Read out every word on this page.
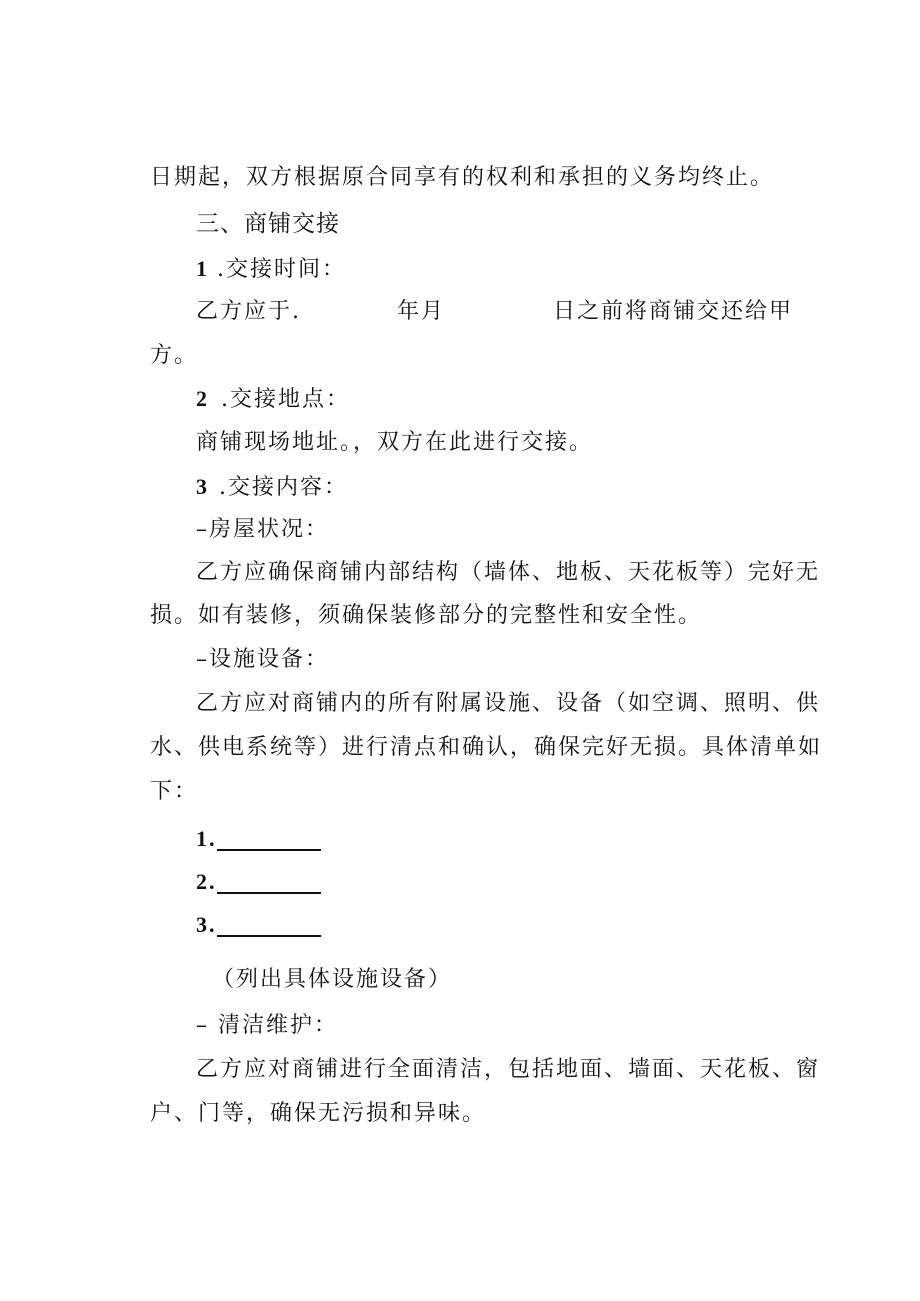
日期起，双方根据原合同享有的权利和承担的义务均终止。
三、商铺交接
1 .交接时间：
乙方应于.	年月	日之前将商铺交还给甲
方。
2 .交接地点：
商铺现场地址。，双方在此进行交接。
3 .交接内容：
–房屋状况：
乙方应确保商铺内部结构（墙体、地板、天花板等）完好无
损。如有装修，须确保装修部分的完整性和安全性。
–设施设备：
乙方应对商铺内的所有附属设施、设备（如空调、照明、供
水、供电系统等）进行清点和确认，确保完好无损。具体清单如
下：
1.
2.
3.
（列出具体设施设备）
– 清洁维护：
乙方应对商铺进行全面清洁，包括地面、墙面、天花板、窗
户、门等，确保无污损和异味。
